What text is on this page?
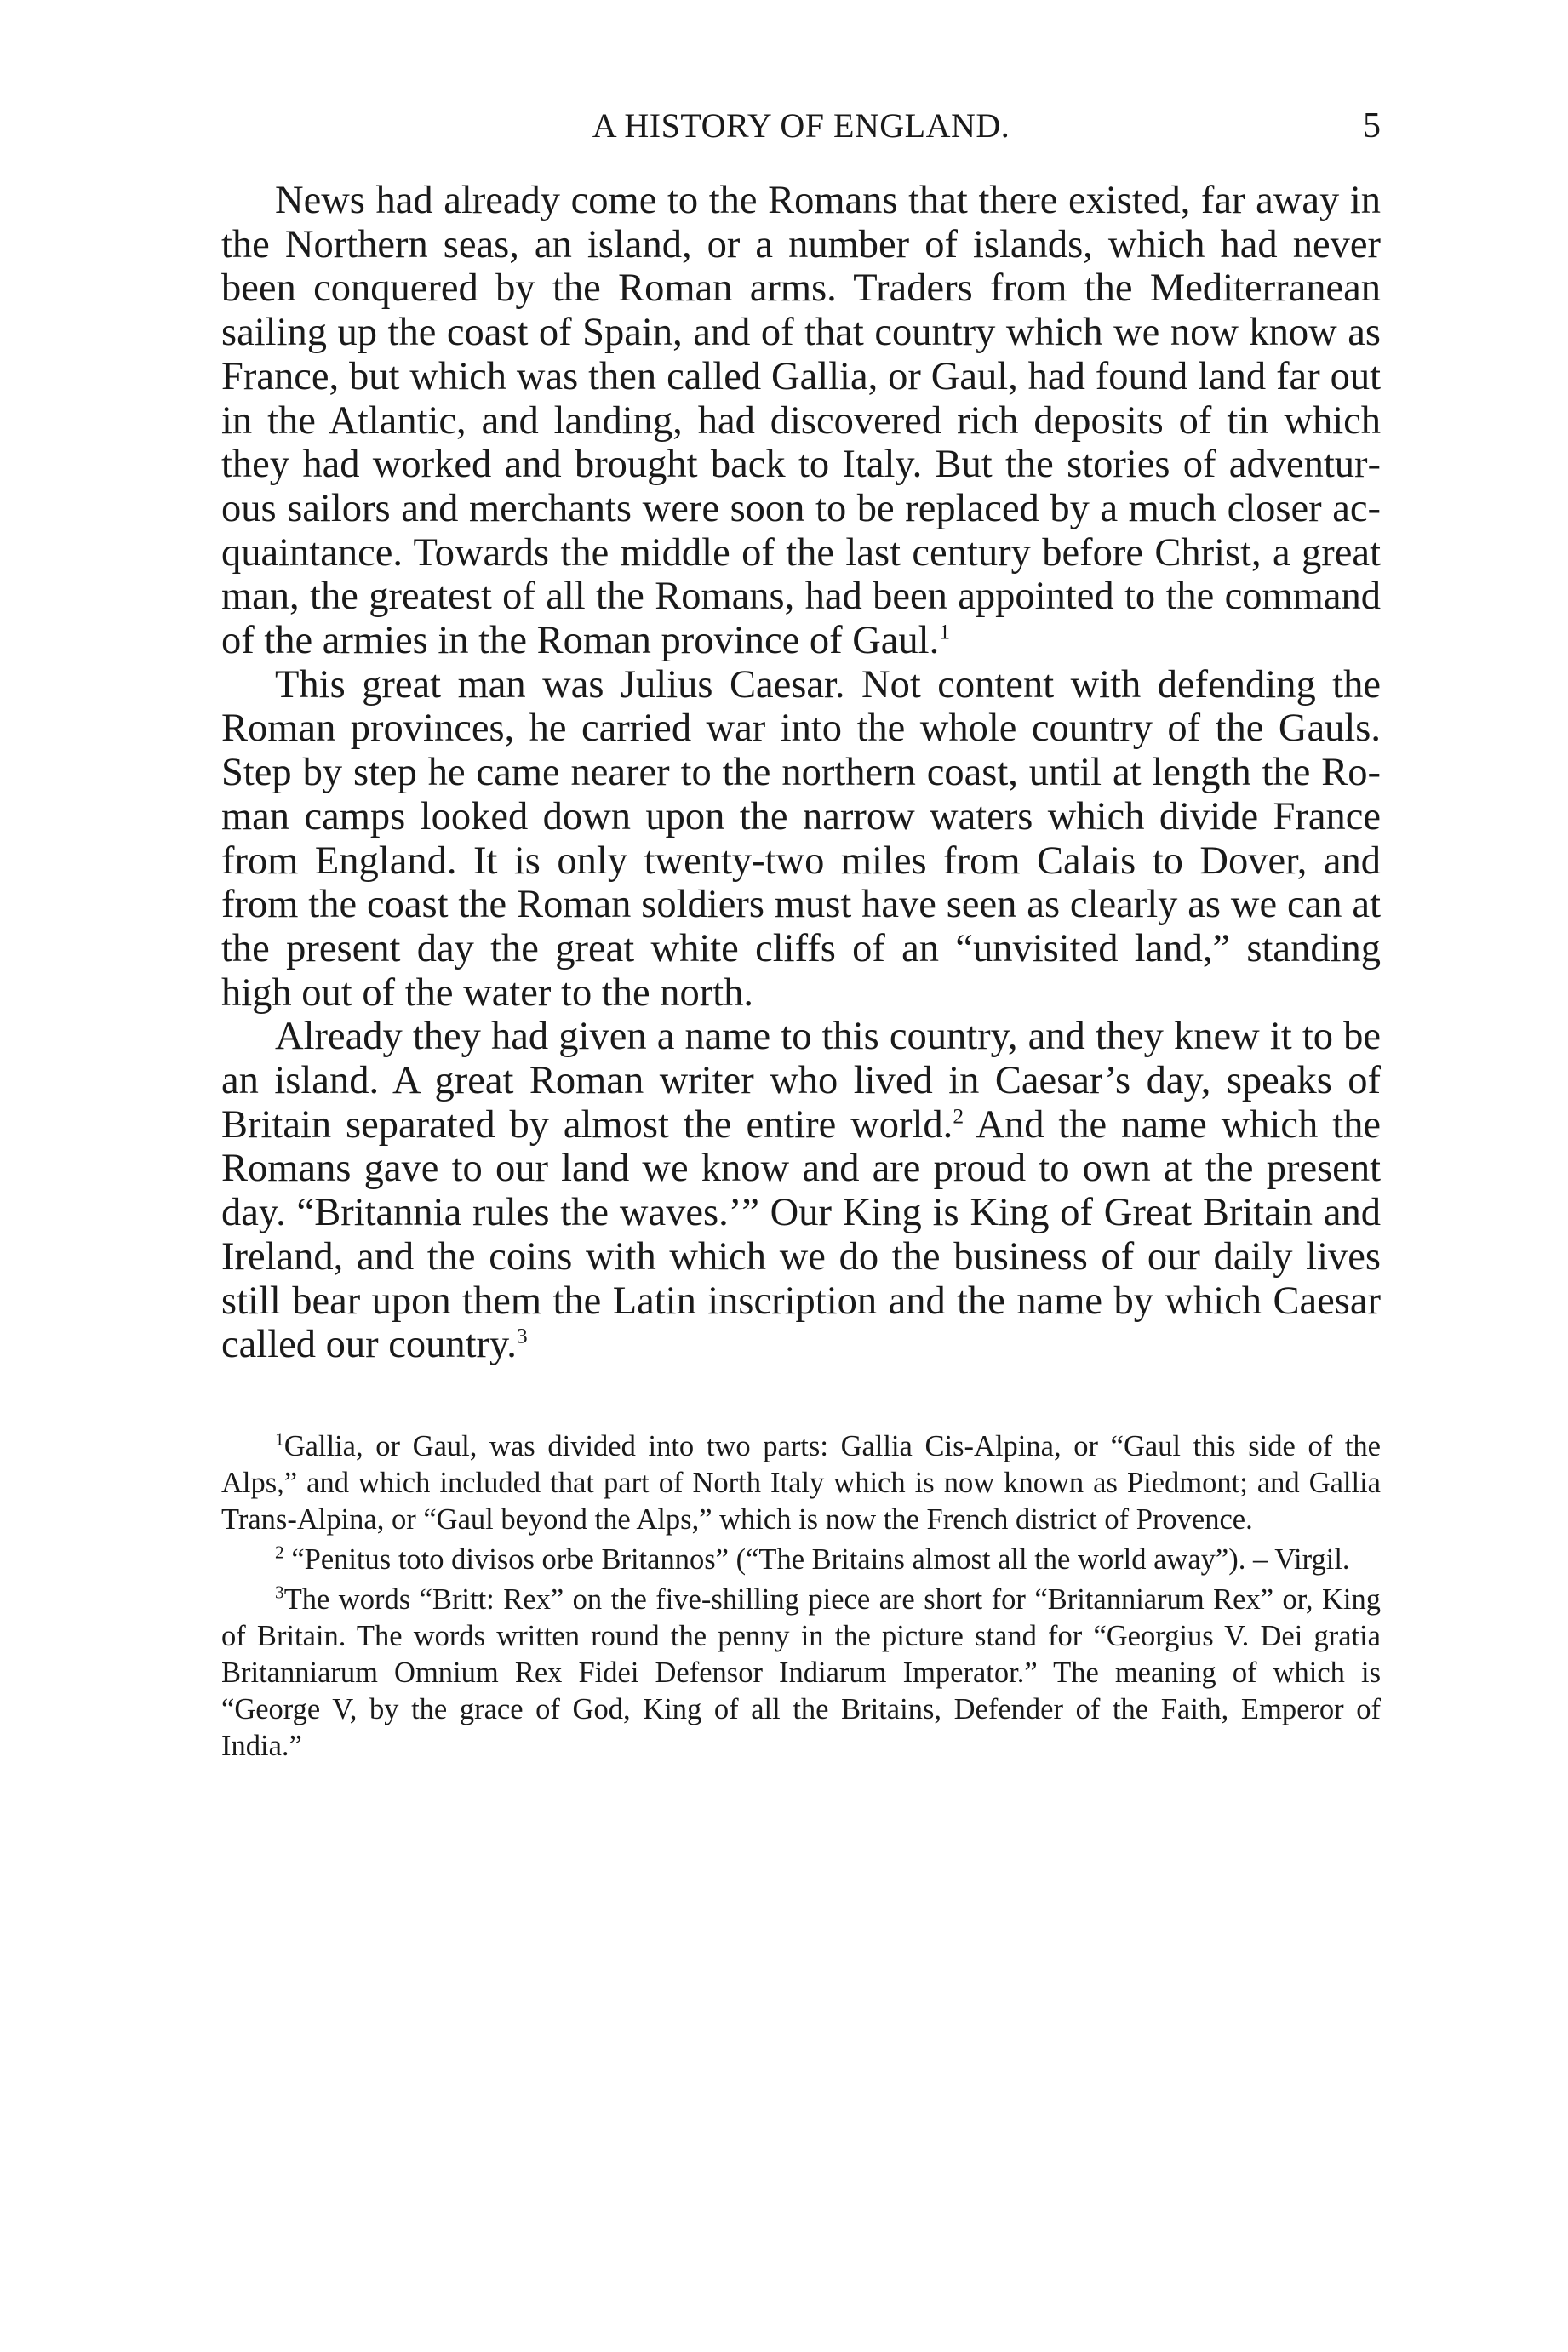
A HISTORY OF ENGLAND.	5

News had already come to the Romans that there existed, far away in the Northern seas, an island, or a number of islands, which had never been conquered by the Roman arms. Traders from the Mediterranean sailing up the coast of Spain, and of that country which we now know as France, but which was then called Gallia, or Gaul, had found land far out in the Atlantic, and landing, had discovered rich deposits of tin which they had worked and brought back to Italy. But the stories of adventurous sailors and merchants were soon to be replaced by a much closer acquaintance. Towards the middle of the last century before Christ, a great man, the greatest of all the Romans, had been appointed to the command of the armies in the Roman province of Gaul.$^1$

This great man was Julius Caesar. Not content with defending the Roman provinces, he carried war into the whole country of the Gauls. Step by step he came nearer to the northern coast, until at length the Roman camps looked down upon the narrow waters which divide France from England. It is only twenty-two miles from Calais to Dover, and from the coast the Roman soldiers must have seen as clearly as we can at the present day the great white cliffs of an “unvisited land,” standing high out of the water to the north.

Already they had given a name to this country, and they knew it to be an island. A great Roman writer who lived in Caesar’s day, speaks of Britain separated by almost the entire world.$^2$ And the name which the Romans gave to our land we know and are proud to own at the present day. “Britannia rules the waves.’” Our King is King of Great Britain and Ireland, and the coins with which we do the business of our daily lives still bear upon them the Latin inscription and the name by which Caesar called our country.$^3$

$^1$Gallia, or Gaul, was divided into two parts: Gallia Cis-Alpina, or “Gaul this side of the Alps,” and which included that part of North Italy which is now known as Piedmont; and Gallia Trans-Alpina, or “Gaul beyond the Alps,” which is now the French district of Provence.

$^2$ “Penitus toto divisos orbe Britannos” (“The Britains almost all the world away”). – Virgil.

$^3$The words “Britt: Rex” on the five-shilling piece are short for “Britanniarum Rex” or, King of Britain. The words written round the penny in the picture stand for “Georgius V. Dei gratia Britanniarum Omnium Rex Fidei Defensor Indiarum Imperator.” The meaning of which is “George V, by the grace of God, King of all the Britains, Defender of the Faith, Emperor of India.”
